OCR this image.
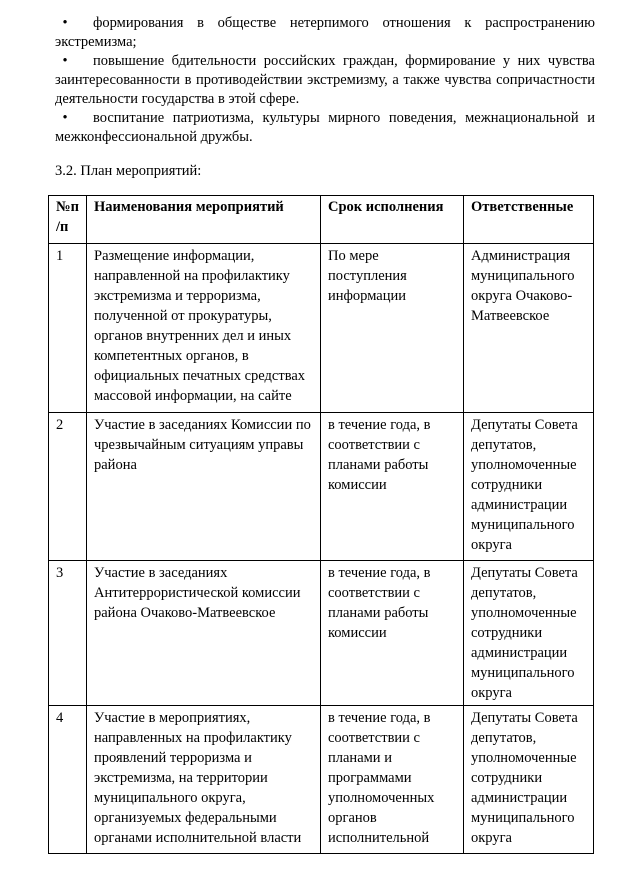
•	формирования в обществе нетерпимого отношения к распространению экстремизма;

•	повышение бдительности российских граждан, формирование у них чувства заинтересованности в противодействии экстремизму, а также чувства сопричастности деятельности государства в этой сфере.

•	воспитание патриотизма, культуры мирного поведения, межнациональной и межконфессиональной дружбы.

3.2. План мероприятий:
№п /п	Наименования мероприятий	Срок исполнения	Ответственные
1	Размещение информации, направленной на профилактику экстремизма и терроризма, полученной от прокуратуры, органов внутренних дел и иных компетентных органов, в официальных печатных средствах массовой информации, на сайте	По мере поступления информации	Администрация муниципального округа Очаково-Матвеевское
2	Участие в заседаниях Комиссии по чрезвычайным ситуациям управы района	в течение года, в соответствии с планами работы комиссии	Депутаты Совета депутатов, уполномоченные сотрудники администрации муниципального округа
3	Участие в заседаниях Антитеррористической комиссии района Очаково-Матвеевское	в течение года, в соответствии с планами работы комиссии	Депутаты Совета депутатов, уполномоченные сотрудники администрации муниципального округа
4	Участие в мероприятиях, направленных на профилактику проявлений терроризма и экстремизма, на территории муниципального округа, организуемых федеральными органами исполнительной власти	в течение года, в соответствии с планами и программами уполномоченных органов исполнительной	Депутаты Совета депутатов, уполномоченные сотрудники администрации муниципального округа
